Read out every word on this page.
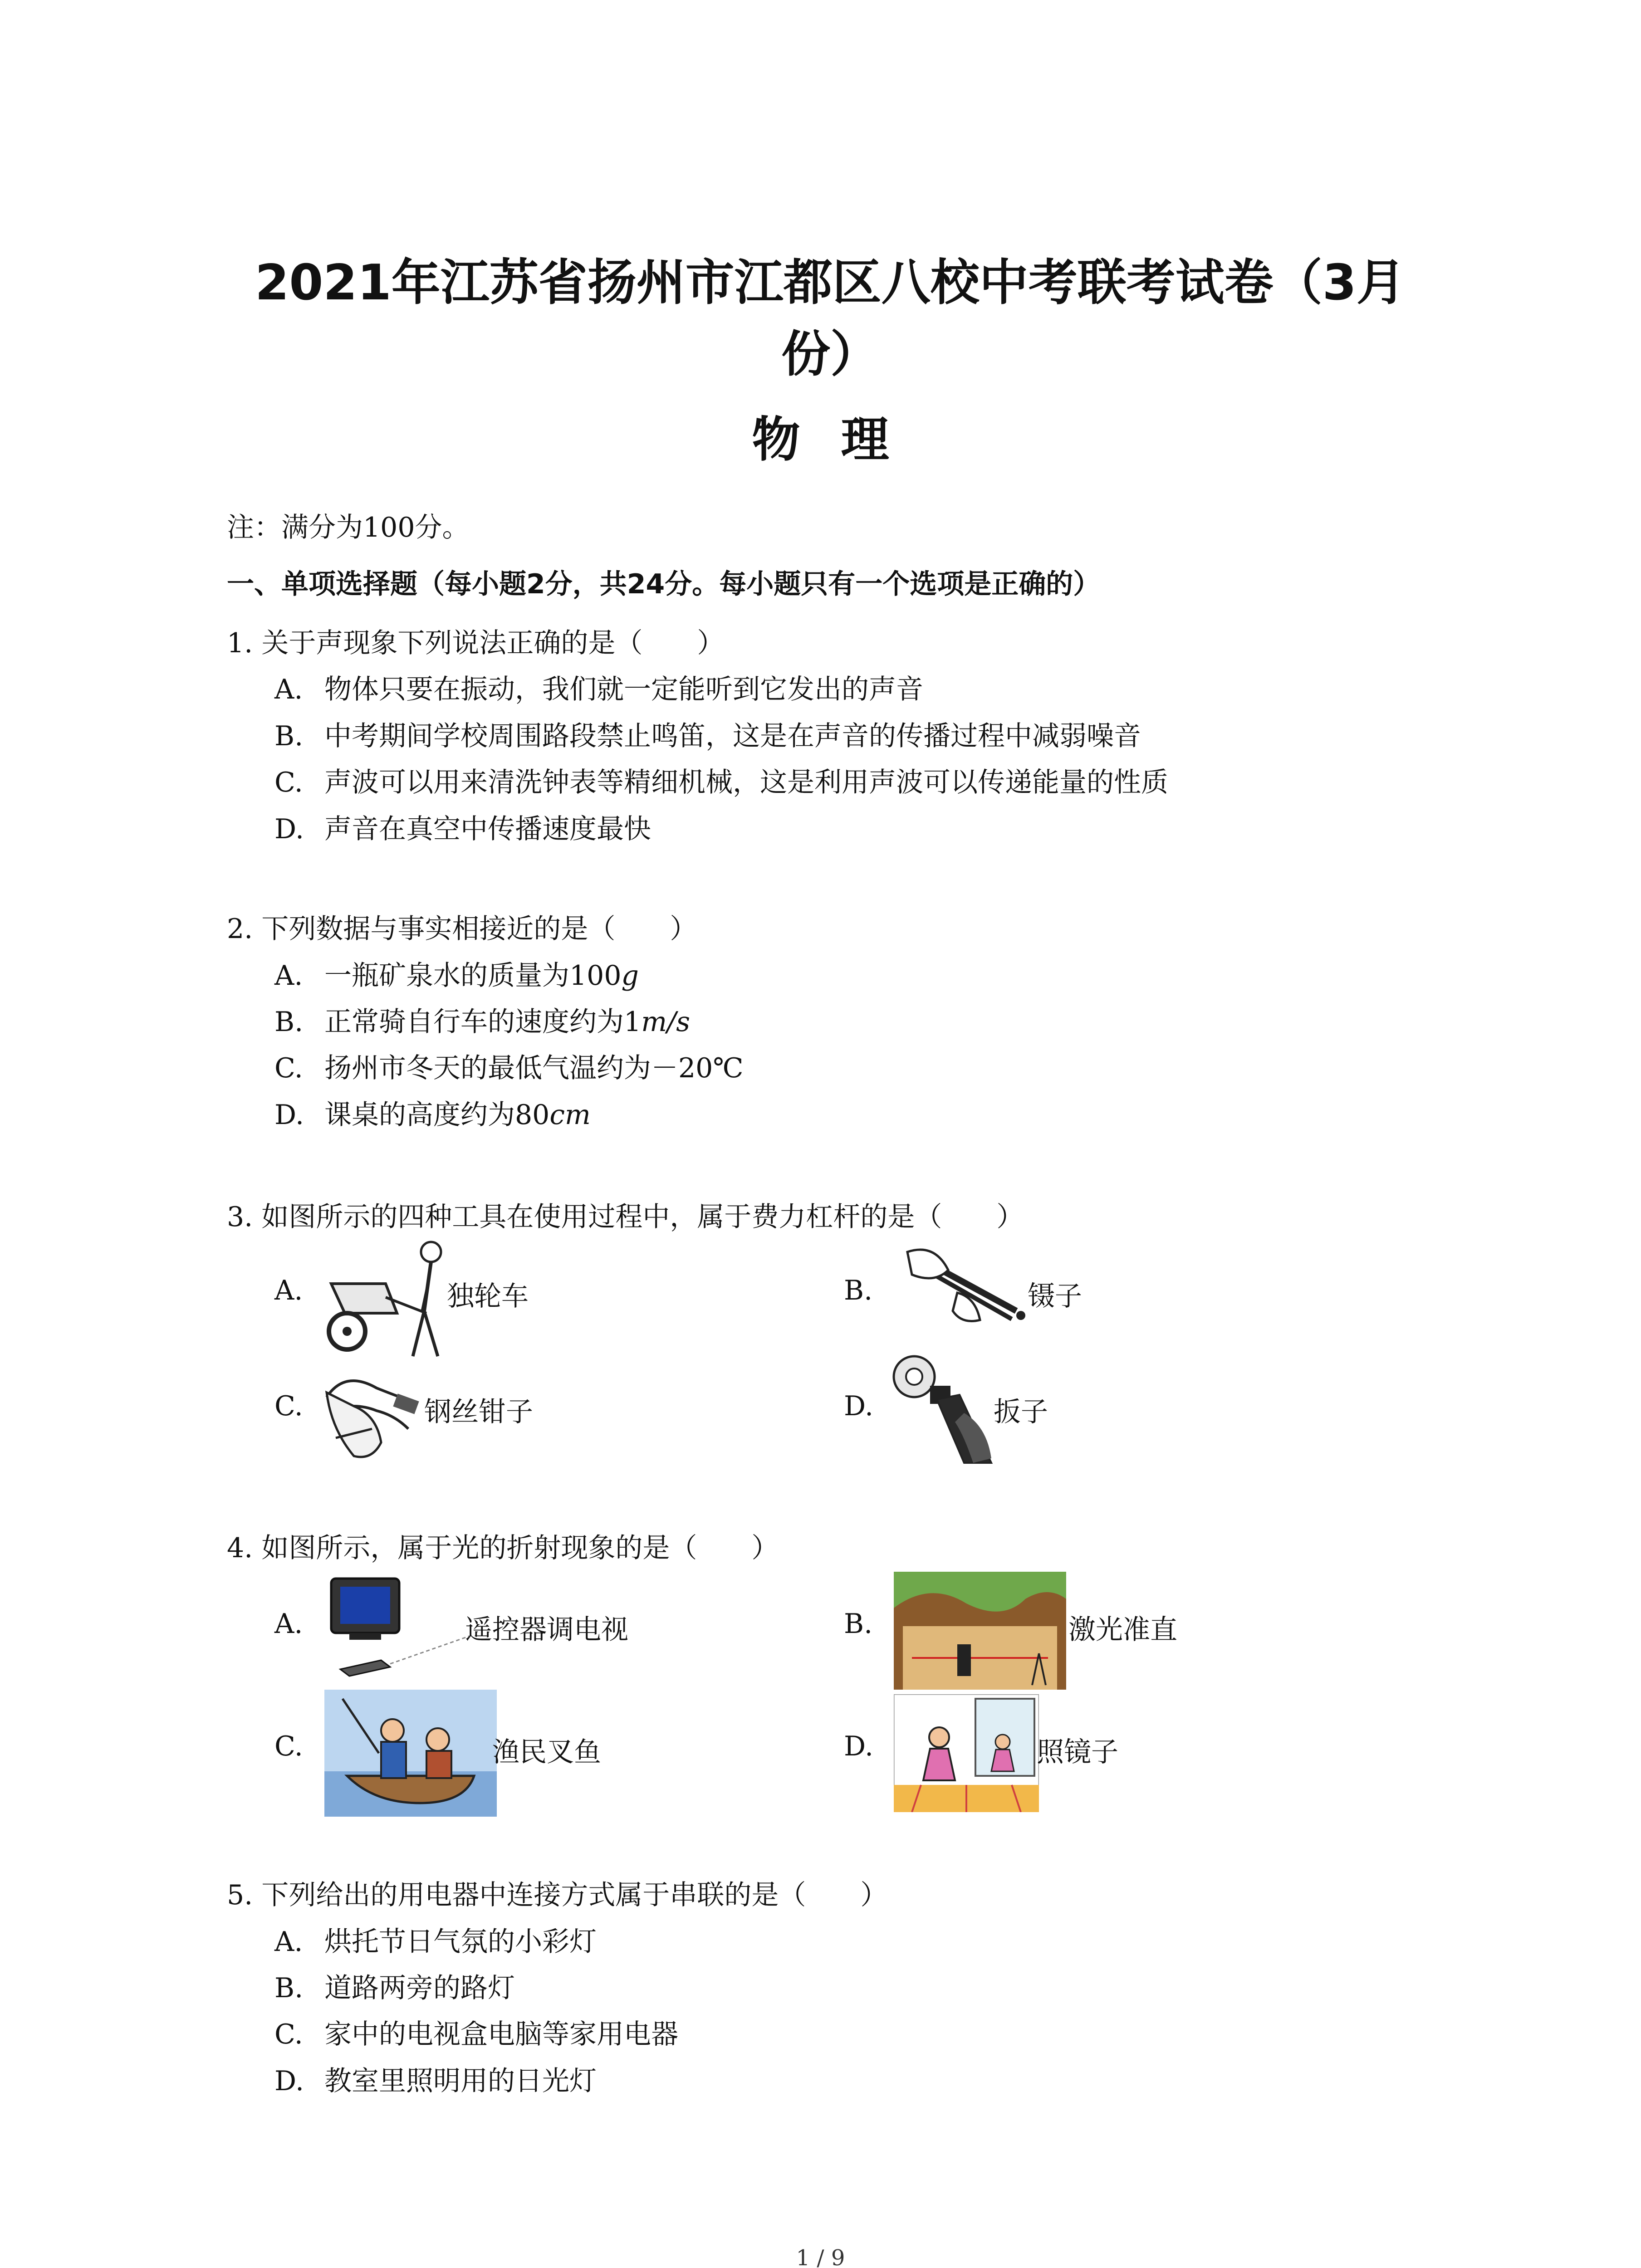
2021年江苏省扬州市江都区八校中考联考试卷（3月份）
物理
注：满分为100分。
一、单项选择题（每小题2分，共24分。每小题只有一个选项是正确的）
1. 关于声现象下列说法正确的是（　　）
A. 物体只要在振动，我们就一定能听到它发出的声音
B. 中考期间学校周围路段禁止鸣笛，这是在声音的传播过程中减弱噪音
C. 声波可以用来清洗钟表等精细机械，这是利用声波可以传递能量的性质
D. 声音在真空中传播速度最快
2. 下列数据与事实相接近的是（　　）
A. 一瓶矿泉水的质量为100g
B. 正常骑自行车的速度约为1m/s
C. 扬州市冬天的最低气温约为－20℃
D. 课桌的高度约为80cm
3. 如图所示的四种工具在使用过程中，属于费力杠杆的是（　　）
A.	独轮车	B.	镊子
C.	钢丝钳子	D.	扳子
4. 如图所示，属于光的折射现象的是（　　）
A.	遥控器调电视	B.	激光准直
C.	渔民叉鱼	D.	照镜子
5. 下列给出的用电器中连接方式属于串联的是（　　）
A. 烘托节日气氛的小彩灯
B. 道路两旁的路灯
C. 家中的电视盒电脑等家用电器
D. 教室里照明用的日光灯
1 / 9
